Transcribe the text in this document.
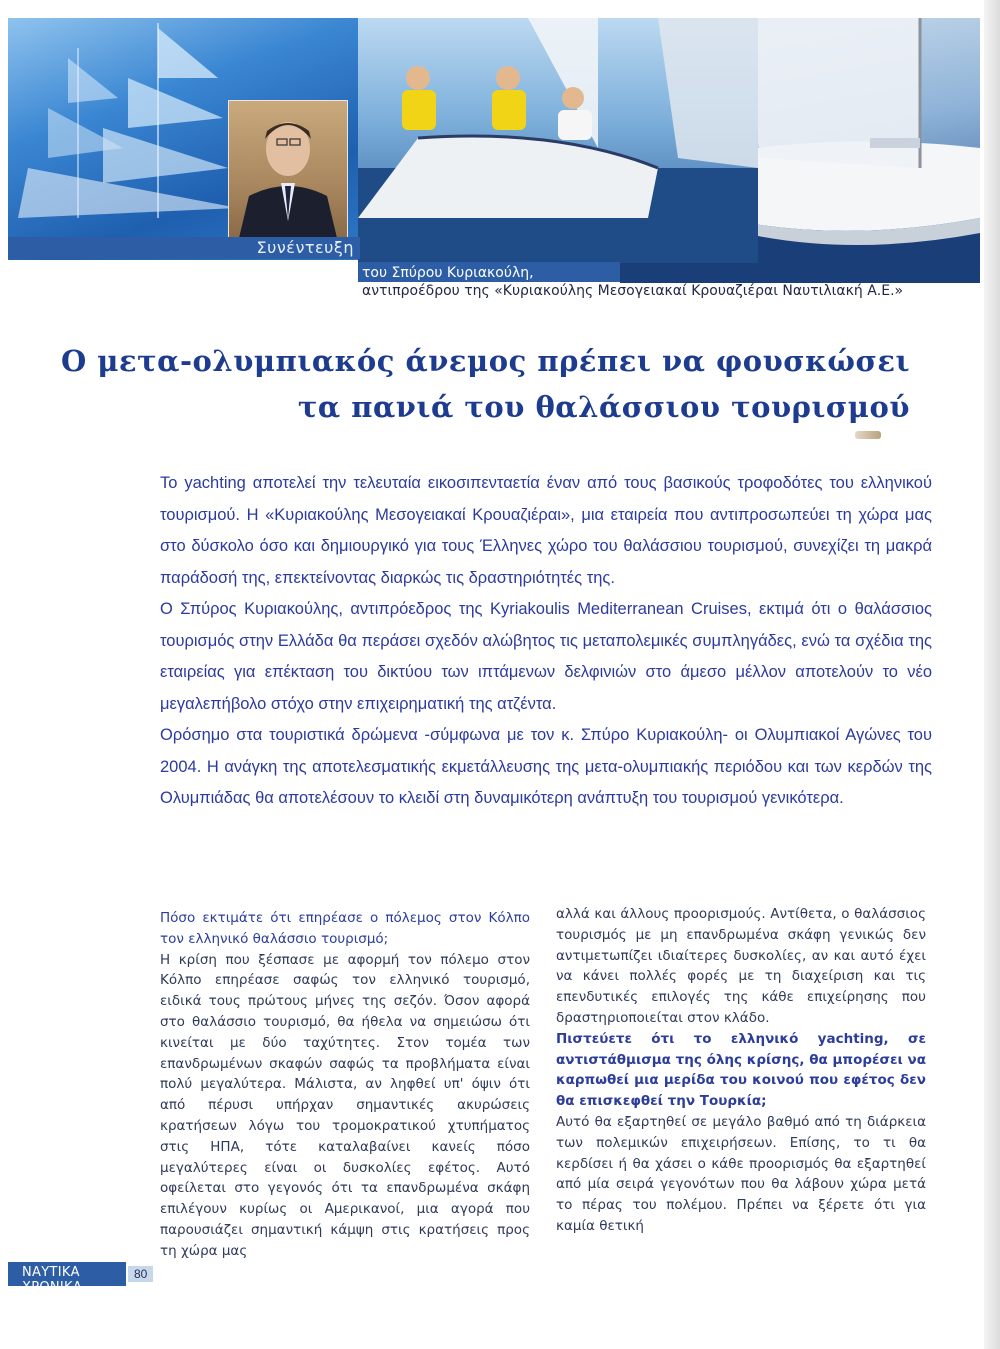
Συνέντευξη
του Σπύρου Κυριακούλη,
αντιπροέδρου της «Κυριακούλης Μεσογειακαί Κρουαζιέραι Ναυτιλιακή Α.Ε.»
Ο μετα-ολυμπιακός άνεμος πρέπει να φουσκώσει
τα πανιά του θαλάσσιου τουρισμού

Το yachting αποτελεί την τελευταία εικοσιπενταετία έναν από τους βασικούς τροφοδότες του ελληνικού τουρισμού. Η «Κυριακούλης Μεσογειακαί Κρουαζιέραι», μια εταιρεία που αντιπροσωπεύει τη χώρα μας στο δύσκολο όσο και δημιουργικό για τους Έλληνες χώρο του θαλάσσιου τουρισμού, συνεχίζει τη μακρά παράδοσή της, επεκτείνοντας διαρκώς τις δραστηριότητές της.

Ο Σπύρος Κυριακούλης, αντιπρόεδρος της Kyriakoulis Mediterranean Cruises, εκτιμά ότι ο θαλάσσιος τουρισμός στην Ελλάδα θα περάσει σχεδόν αλώβητος τις μεταπολεμικές συμπληγάδες, ενώ τα σχέδια της εταιρείας για επέκταση του δικτύου των ιπτάμενων δελφινιών στο άμεσο μέλλον αποτελούν το νέο μεγαλεπήβολο στόχο στην επιχειρηματική της ατζέντα.

Ορόσημο στα τουριστικά δρώμενα -σύμφωνα με τον κ. Σπύρο Κυριακούλη- οι Ολυμπιακοί Αγώνες του 2004. Η ανάγκη της αποτελεσματικής εκμετάλλευσης της μετα-ολυμπιακής περιόδου και των κερδών της Ολυμπιάδας θα αποτελέσουν το κλειδί στη δυναμικότερη ανάπτυξη του τουρισμού γενικότερα.

Πόσο εκτιμάτε ότι επηρέασε ο πόλεμος στον Κόλπο τον ελληνικό θαλάσσιο τουρισμό;

Η κρίση που ξέσπασε με αφορμή τον πόλεμο στον Κόλπο επηρέασε σαφώς τον ελληνικό τουρισμό, ειδικά τους πρώτους μήνες της σεζόν. Όσον αφορά στο θαλάσσιο τουρισμό, θα ήθελα να σημειώσω ότι κινείται με δύο ταχύτητες. Στον τομέα των επανδρωμένων σκαφών σαφώς τα προβλήματα είναι πολύ μεγαλύτερα. Μάλιστα, αν ληφθεί υπ' όψιν ότι από πέρυσι υπήρχαν σημαντικές ακυρώσεις κρατήσεων λόγω του τρομοκρατικού χτυπήματος στις ΗΠΑ, τότε καταλαβαίνει κανείς πόσο μεγαλύτερες είναι οι δυσκολίες εφέτος. Αυτό οφείλεται στο γεγονός ότι τα επανδρωμένα σκάφη επιλέγουν κυρίως οι Αμερικανοί, μια αγορά που παρουσιάζει σημαντική κάμψη στις κρατήσεις προς τη χώρα μας

αλλά και άλλους προορισμούς. Αντίθετα, ο θαλάσσιος τουρισμός με μη επανδρωμένα σκάφη γενικώς δεν αντιμετωπίζει ιδιαίτερες δυσκολίες, αν και αυτό έχει να κάνει πολλές φορές με τη διαχείριση και τις επενδυτικές επιλογές της κάθε επιχείρησης που δραστηριοποιείται στον κλάδο.

Πιστεύετε ότι το ελληνικό yachting, σε αντιστάθμισμα της όλης κρίσης, θα μπορέσει να καρπωθεί μια μερίδα του κοινού που εφέτος δεν θα επισκεφθεί την Τουρκία;

Αυτό θα εξαρτηθεί σε μεγάλο βαθμό από τη διάρκεια των πολεμικών επιχειρήσεων. Επίσης, το τι θα κερδίσει ή θα χάσει ο κάθε προορισμός θα εξαρτηθεί από μία σειρά γεγονότων που θα λάβουν χώρα μετά το πέρας του πολέμου. Πρέπει να ξέρετε ότι για καμία θετική

ΝΑΥΤΙΚΑ ΧΡΟΝΙΚΑ
80
